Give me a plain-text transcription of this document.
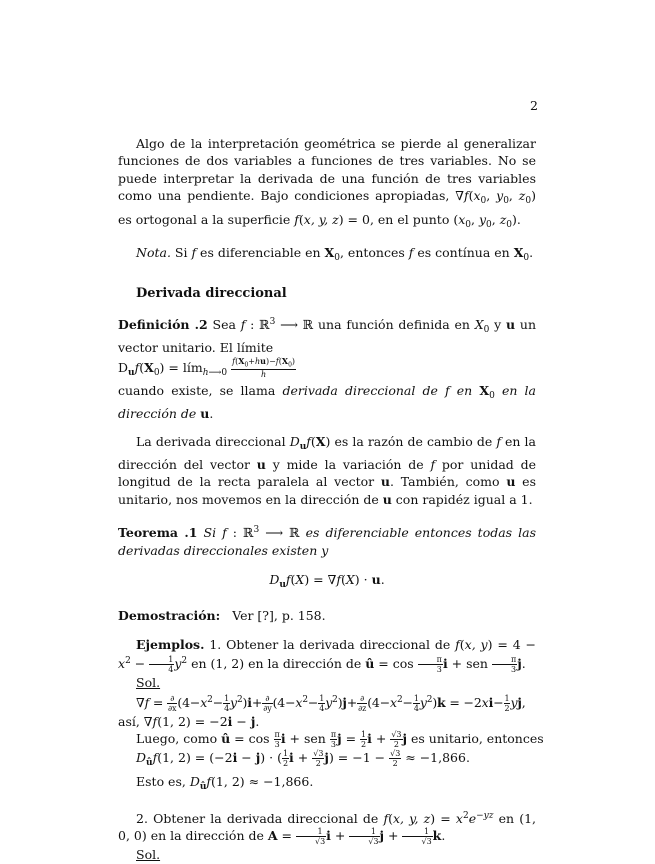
2

Algo de la interpretación geométrica se pierde al generalizar funciones de dos variables a funciones de tres variables. No se puede interpretar la derivada de una función de tres variables como una pendiente. Bajo condiciones apropiadas, $\nabla f(x_0$, $y_0$, $z_0$) es ortogonal a la superficie f(x, y, z) = 0, en el punto ($x_0$, $y_0$, $z_0$).

Nota. Si f es diferenciable en $X_0$, entonces f es contínua en $X_0$.

Derivada direccional

Definición .2 Sea f : ℝ$^3$ ⟶ ℝ una función definida en $X_0$ y u un vector unitario. El límite

$D_uf(X_0)$ = lím$_{h⟶0}$ $\frac{f(X_0+hu)-f(X_0)}{h}$

cuando existe, se llama derivada direccional de f en $X_0$ en la dirección de u.

La derivada direccional $D_uf(X)$ es la razón de cambio de f en la dirección del vector u y mide la variación de f por unidad de longitud de la recta paralela al vector u. También, como u es unitario, nos movemos en la dirección de u con rapidéz igual a 1.

Teorema .1 Si f : ℝ$^3$ ⟶ ℝ es diferenciable entonces todas las derivadas direccionales existen y

$D_uf(X) = \nabla f(X) \cdot u$.

Demostración: Ver [?], p. 158.

Ejemplos. 1. Obtener la derivada direccional de f(x, $y) = 4 - x^2 - \frac{1}{4} y^2$ en (1, 2) en la dirección de û = $\cos \frac{\pi}{3}$ i + sen $\frac{\pi}{3} j$.

Sol.
$\nabla f = \frac{\partial}{\partial x} (4-x^2- \frac{1}{4} y^2)i+ \frac{\partial}{\partial y} (4-x^2- \frac{1}{4} y^2)j+ \frac{\partial}{\partial z} (4-x^2- \frac{1}{4} y^2)k = -2xi- \frac{1}{2}$ yj,
así, ∇f(1, 2) = −2i − j.
Luego, como û = $\cos \frac{\pi}{3}$ i + sen $\frac{\pi}{3}$ $j = \frac{1}{2}$ $i + \frac{√3}{2}$ j es unitario, entonces
$D_ûf(1$, 2) = (−2i − j) · ( $\frac{1}{2}$ $i + \frac{√3}{2} j) = -1 - \frac{√3}{2} \approx -1,866$.
Esto es, $D_ûf(1$, 2) ≈ −1,866.

2. Obtener la derivada direccional de f(x, y, $z) = x^2e^{-yz}$ en (1, 0, 0) en la dirección de $A = \frac{1}{√3}$ $i + \frac{1}{√3}$ $j + \frac{1}{√3} k$.

Sol.
